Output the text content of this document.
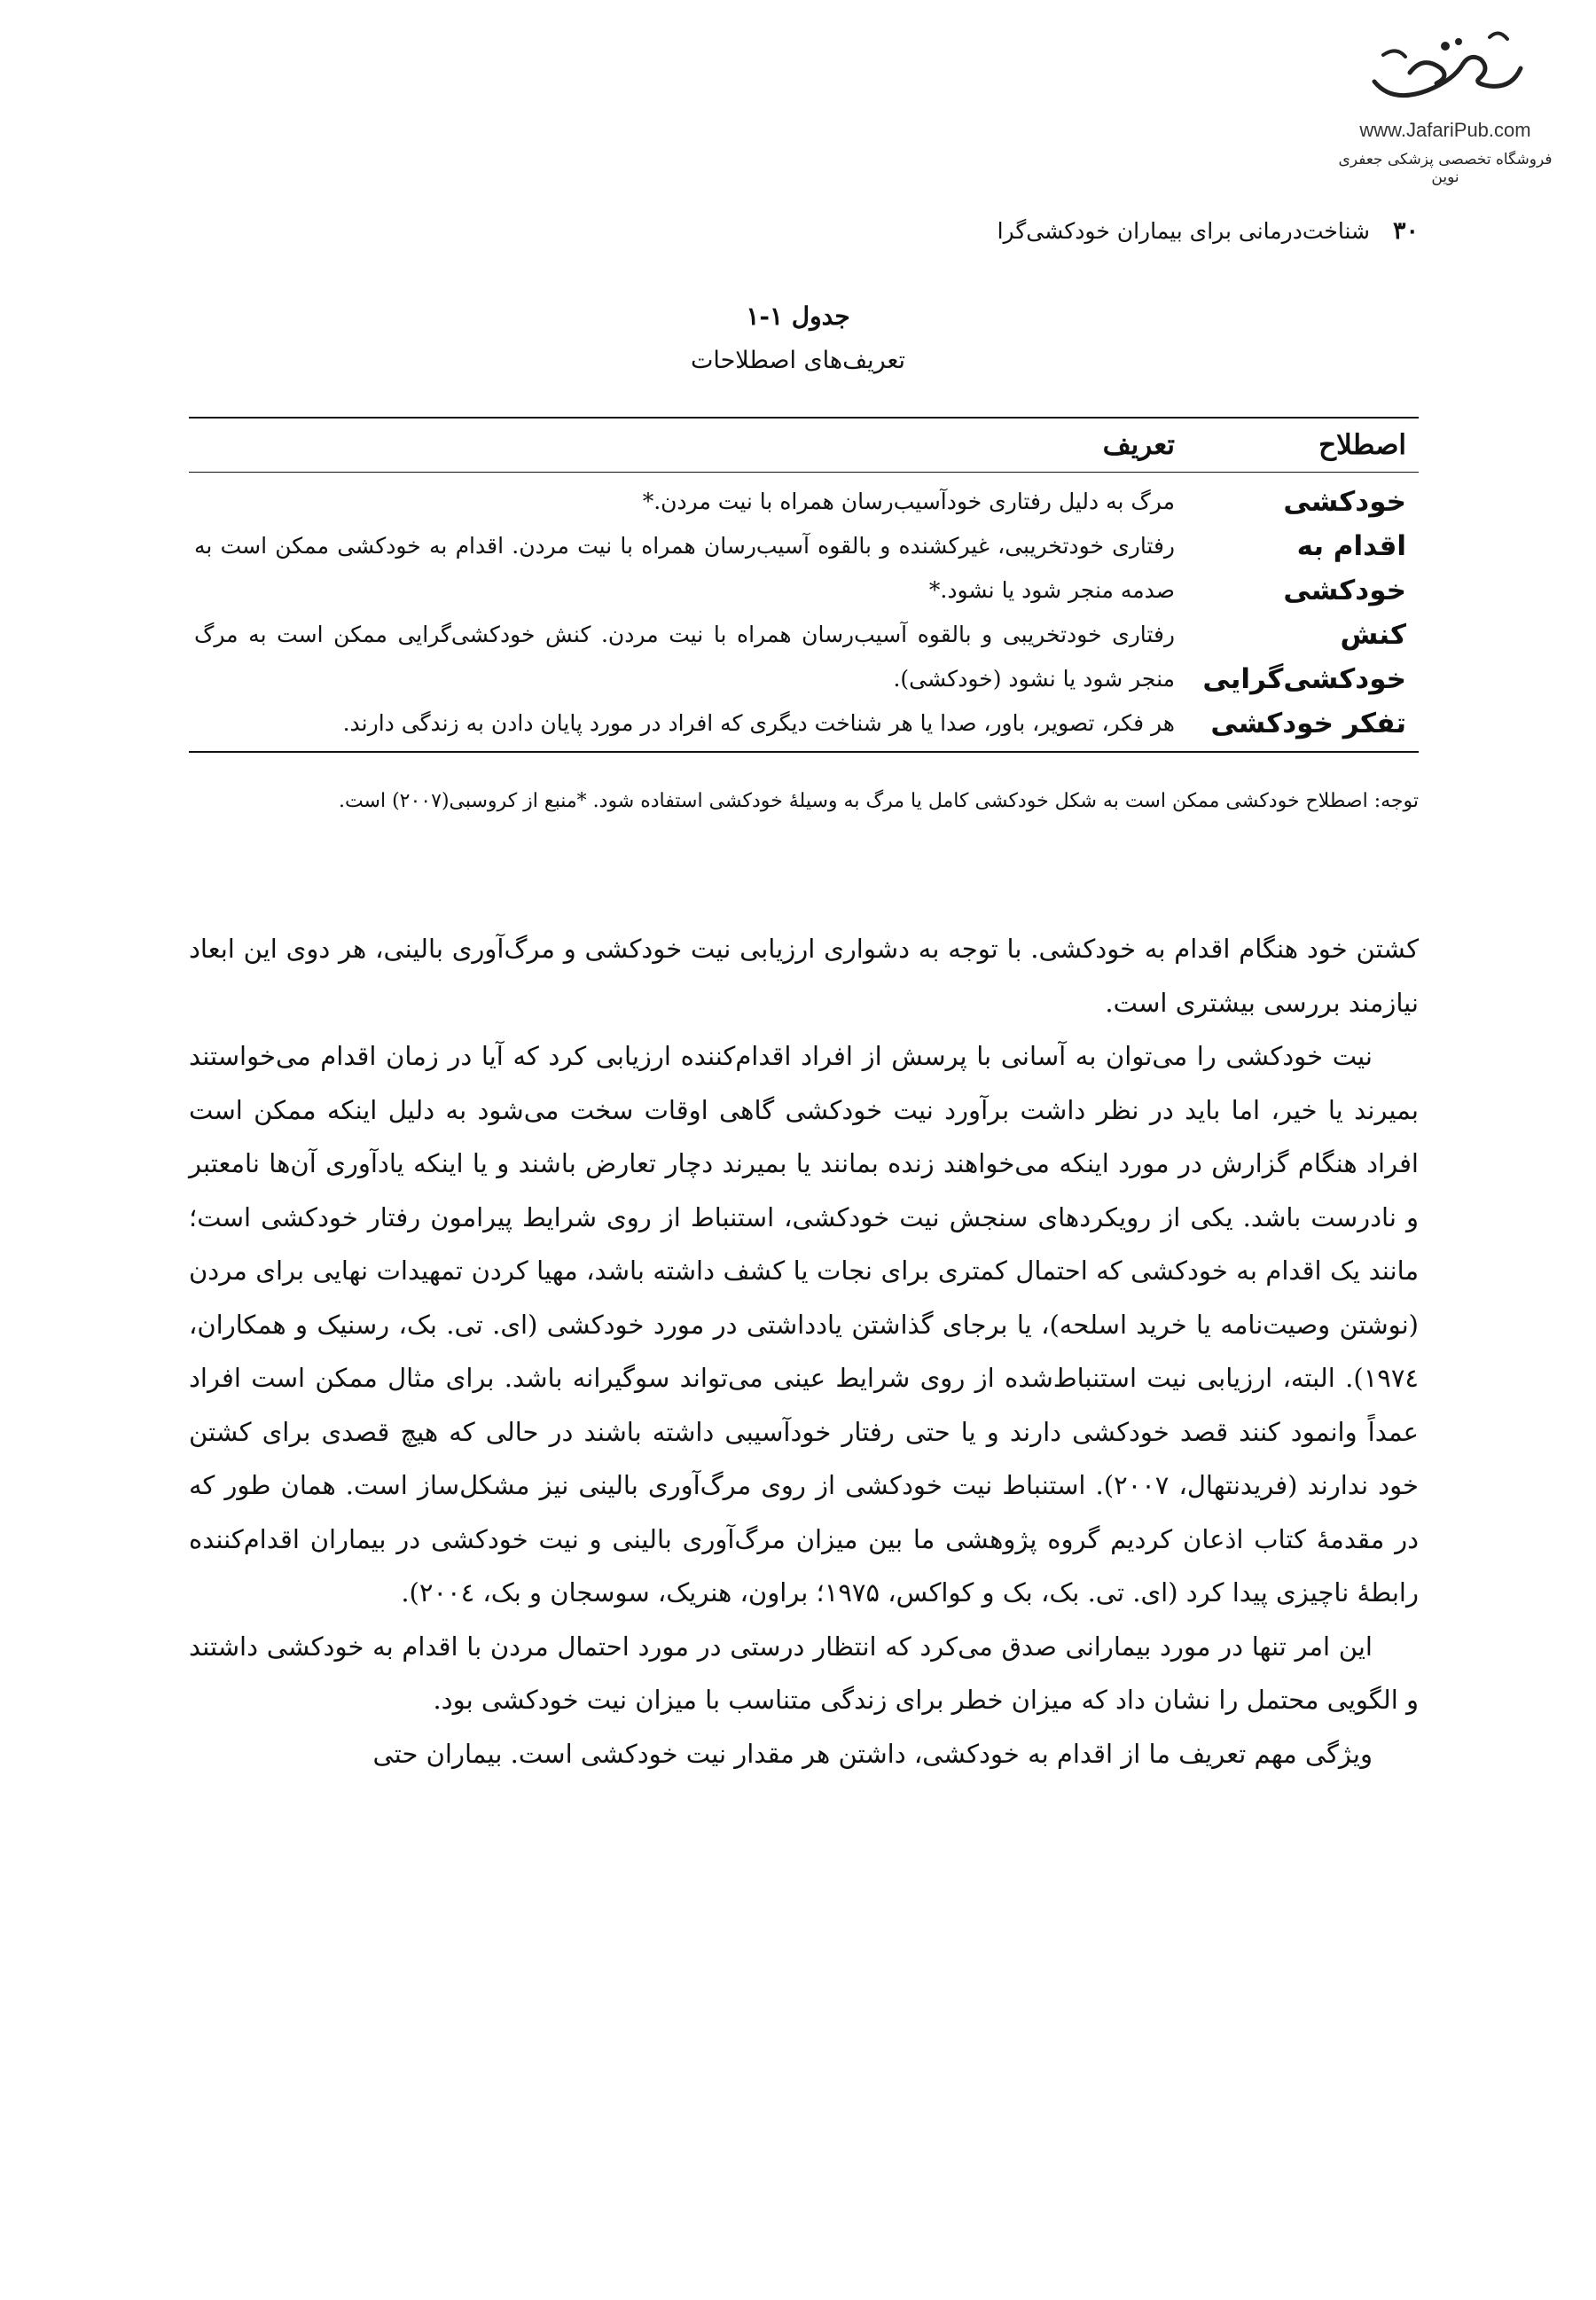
www.JafariPub.com
فروشگاه تخصصی پزشکی جعفری نوین
۳۰
شناخت‌درمانی برای بیماران خودکشی‌گرا
جدول ۱-۱
تعریف‌های اصطلاحات
اصطلاح
تعریف
خودکشی
مرگ به دلیل رفتاری خودآسیب‌رسان همراه با نیت مردن.*
اقدام به خودکشی
رفتاری خودتخریبی، غیرکشنده و بالقوه آسیب‌رسان همراه با نیت مردن. اقدام به خودکشی ممکن است به صدمه منجر شود یا نشود.*
کنش خودکشی‌گرایی
رفتاری خودتخریبی و بالقوه آسیب‌رسان همراه با نیت مردن. کنش خودکشی‌گرایی ممکن است به مرگ منجر شود یا نشود (خودکشی).
تفکر خودکشی
هر فکر، تصویر، باور، صدا یا هر شناخت دیگری که افراد در مورد پایان دادن به زندگی دارند.
توجه: اصطلاح خودکشی ممکن است به شکل خودکشی کامل یا مرگ به وسیلهٔ خودکشی استفاده شود. *منبع از کروسبی(۲۰۰۷) است.

کشتن خود هنگام اقدام به خودکشی. با توجه به دشواری ارزیابی نیت خودکشی و مرگ‌آوری بالینی، هر دوی این ابعاد نیازمند بررسی بیشتری است.

نیت خودکشی را می‌توان به آسانی با پرسش از افراد اقدام‌کننده ارزیابی کرد که آیا در زمان اقدام می‌خواستند بمیرند یا خیر، اما باید در نظر داشت برآورد نیت خودکشی گاهی اوقات سخت می‌شود به دلیل اینکه ممکن است افراد هنگام گزارش در مورد اینکه می‌خواهند زنده بمانند یا بمیرند دچار تعارض باشند و یا اینکه یادآوری آن‌ها نامعتبر و نادرست باشد. یکی از رویکردهای سنجش نیت خودکشی، استنباط از روی شرایط پیرامون رفتار خودکشی است؛ مانند یک اقدام به خودکشی که احتمال کمتری برای نجات یا کشف داشته باشد، مهیا کردن تمهیدات نهایی برای مردن (نوشتن وصیت‌نامه یا خرید اسلحه)، یا برجای گذاشتن یادداشتی در مورد خودکشی (ای. تی. بک، رسنیک و همکاران، ۱۹۷٤). البته، ارزیابی نیت استنباط‌شده از روی شرایط عینی می‌تواند سوگیرانه باشد. برای مثال ممکن است افراد عمداً وانمود کنند قصد خودکشی دارند و یا حتی رفتار خودآسیبی داشته باشند در حالی که هیچ قصدی برای کشتن خود ندارند (فریدنتهال، ۲۰۰۷). استنباط نیت خودکشی از روی مرگ‌آوری بالینی نیز مشکل‌ساز است. همان طور که در مقدمهٔ کتاب اذعان کردیم گروه پژوهشی ما بین میزان مرگ‌آوری بالینی و نیت خودکشی در بیماران اقدام‌کننده رابطهٔ ناچیزی پیدا کرد (ای. تی. بک، بک و کواکس، ۱۹۷۵؛ براون، هنریک، سوسجان و بک، ۲۰۰٤).

این امر تنها در مورد بیمارانی صدق می‌کرد که انتظار درستی در مورد احتمال مردن با اقدام به خودکشی داشتند و الگویی محتمل را نشان داد که میزان خطر برای زندگی متناسب با میزان نیت خودکشی بود.

ویژگی مهم تعریف ما از اقدام به خودکشی، داشتن هر مقدار نیت خودکشی است. بیماران حتی
